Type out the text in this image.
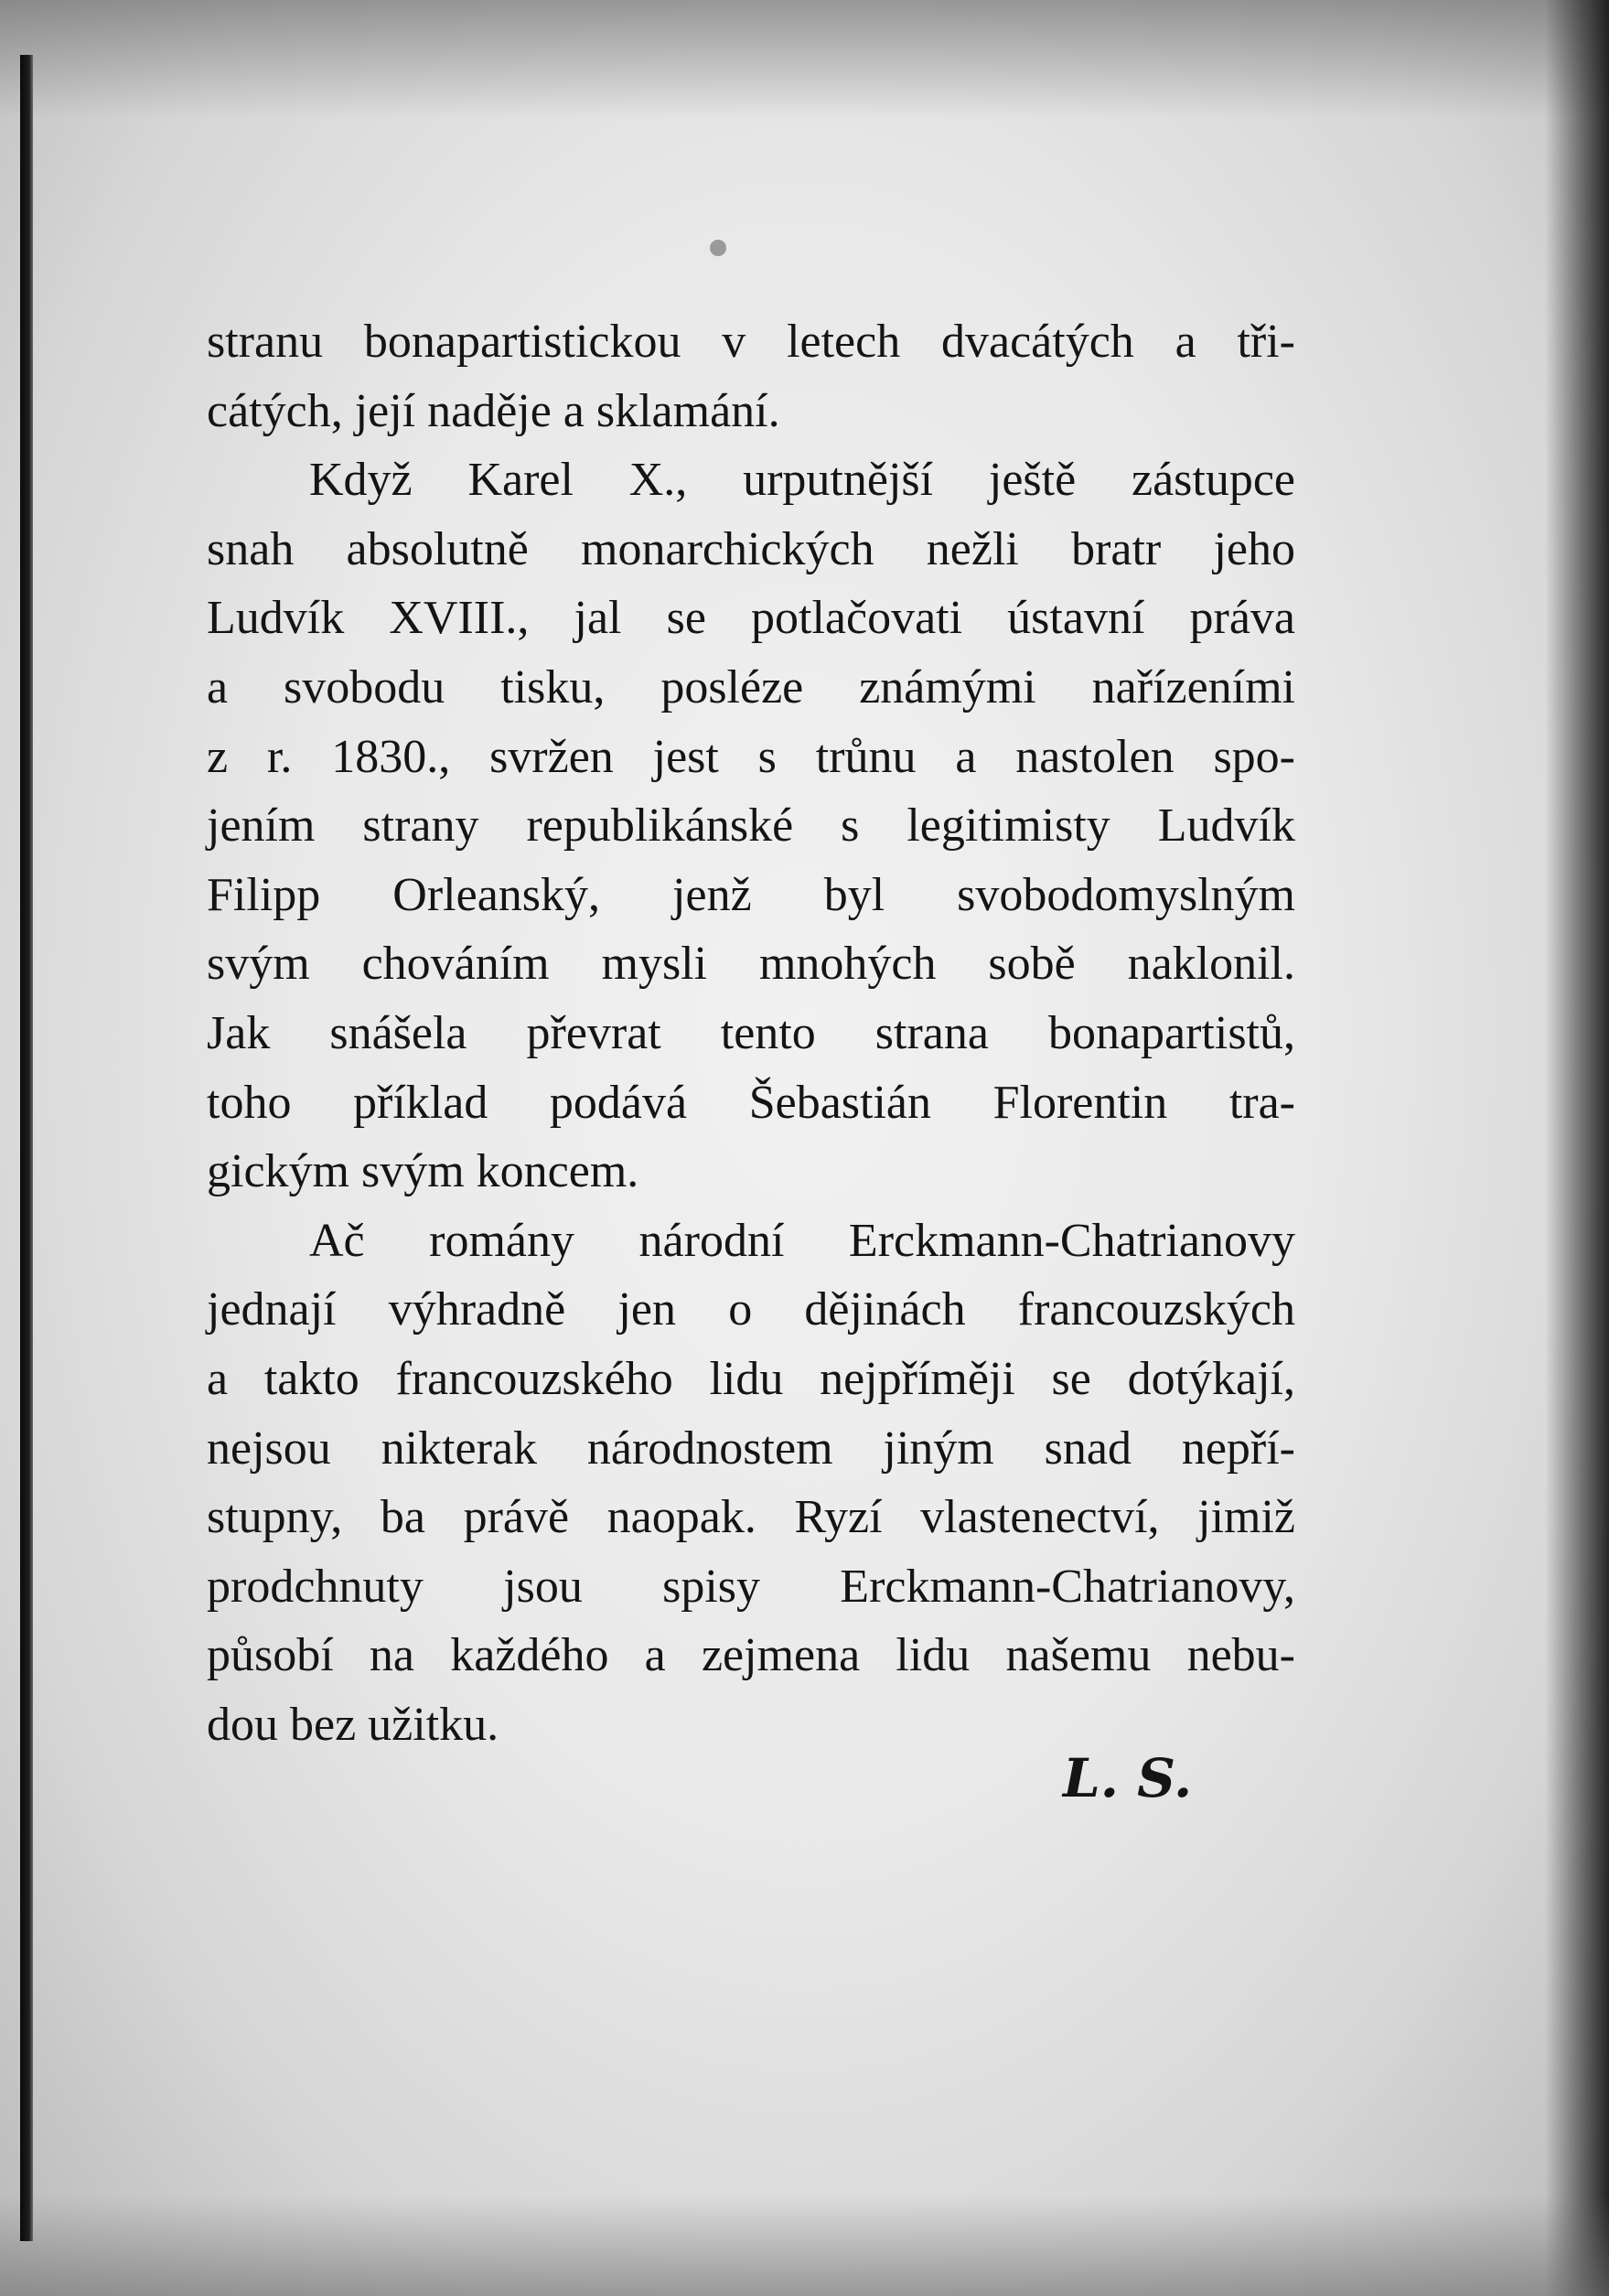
stranu bonapartistickou v letech dvacátých a tři-
cátých, její naděje a sklamání.
Když Karel X., urputnější ještě zástupce
snah absolutně monarchických nežli bratr jeho
Ludvík XVIII., jal se potlačovati ústavní práva
a svobodu tisku, posléze známými nařízeními
z r. 1830., svržen jest s trůnu a nastolen spo-
jením strany republikánské s legitimisty Ludvík
Filipp Orleanský, jenž byl svobodomyslným
svým chováním mysli mnohých sobě naklonil.
Jak snášela převrat tento strana bonapartistů,
toho příklad podává Šebastián Florentin tra-
gickým svým koncem.
Ač romány národní Erckmann-Chatrianovy
jednají výhradně jen o dějinách francouzských
a takto francouzského lidu nejpříměji se dotýkají,
nejsou nikterak národnostem jiným snad nepří-
stupny, ba právě naopak. Ryzí vlastenectví, jimiž
prodchnuty jsou spisy Erckmann-Chatrianovy,
působí na každého a zejmena lidu našemu nebu-
dou bez užitku.
L. S.
